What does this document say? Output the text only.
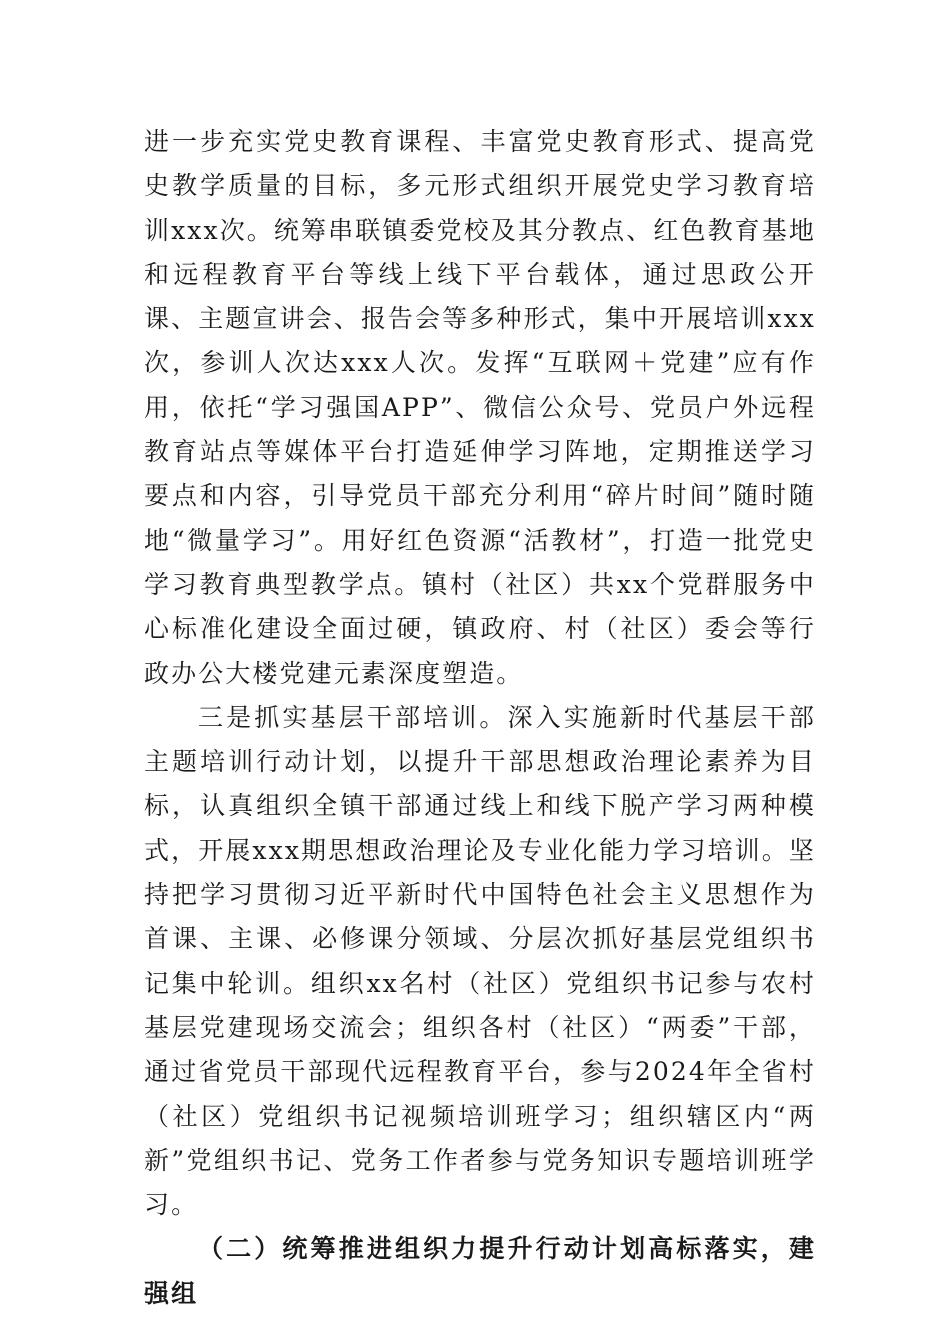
进一步充实党史教育课程、丰富党史教育形式、提高党史教学质量的目标，多元形式组织开展党史学习教育培训xxx次。统筹串联镇委党校及其分教点、红色教育基地和远程教育平台等线上线下平台载体，通过思政公开课、主题宣讲会、报告会等多种形式，集中开展培训xxx次，参训人次达xxx人次。发挥“互联网＋党建”应有作用，依托“学习强国APP”、微信公众号、党员户外远程教育站点等媒体平台打造延伸学习阵地，定期推送学习要点和内容，引导党员干部充分利用“碎片时间”随时随地“微量学习”。用好红色资源“活教材”，打造一批党史学习教育典型教学点。镇村（社区）共xx个党群服务中心标准化建设全面过硬，镇政府、村（社区）委会等行政办公大楼党建元素深度塑造。

三是抓实基层干部培训。深入实施新时代基层干部主题培训行动计划，以提升干部思想政治理论素养为目标，认真组织全镇干部通过线上和线下脱产学习两种模式，开展xxx期思想政治理论及专业化能力学习培训。坚持把学习贯彻习近平新时代中国特色社会主义思想作为首课、主课、必修课分领域、分层次抓好基层党组织书记集中轮训。组织xx名村（社区）党组织书记参与农村基层党建现场交流会；组织各村（社区）“两委”干部，通过省党员干部现代远程教育平台，参与2024年全省村（社区）党组织书记视频培训班学习；组织辖区内“两新”党组织书记、党务工作者参与党务知识专题培训班学习。

（二）统筹推进组织力提升行动计划高标落实，建强组
